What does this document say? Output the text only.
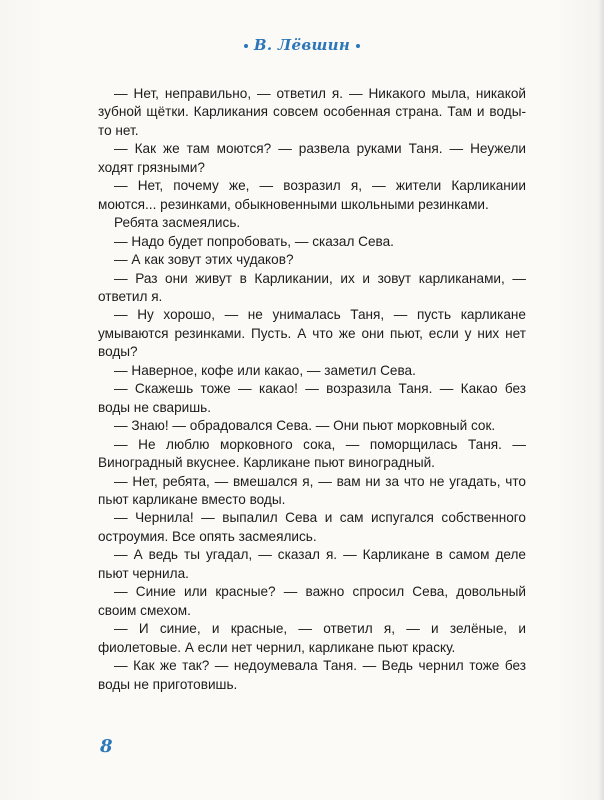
В. Лёвшин

— Нет, неправильно, — ответил я. — Никакого мыла, никакой зубной щётки. Карликания совсем особенная страна. Там и воды-то нет.

— Как же там моются? — развела руками Таня. — Неужели ходят грязными?

— Нет, почему же, — возразил я, — жители Карликании моются... резинками, обыкновенными школьными резинками.

Ребята засмеялись.

— Надо будет попробовать, — сказал Сева.

— А как зовут этих чудаков?

— Раз они живут в Карликании, их и зовут карликанами, — ответил я.

— Ну хорошо, — не унималась Таня, — пусть карликане умываются резинками. Пусть. А что же они пьют, если у них нет воды?

— Наверное, кофе или какао, — заметил Сева.

— Скажешь тоже — какао! — возразила Таня. — Какао без воды не сваришь.

— Знаю! — обрадовался Сева. — Они пьют морковный сок.

— Не люблю морковного сока, — поморщилась Таня. — Виноградный вкуснее. Карликане пьют виноградный.

— Нет, ребята, — вмешался я, — вам ни за что не угадать, что пьют карликане вместо воды.

— Чернила! — выпалил Сева и сам испугался собственного остроумия. Все опять засмеялись.

— А ведь ты угадал, — сказал я. — Карликане в самом деле пьют чернила.

— Синие или красные? — важно спросил Сева, довольный своим смехом.

— И синие, и красные, — ответил я, — и зелёные, и фиолетовые. А если нет чернил, карликане пьют краску.

— Как же так? — недоумевала Таня. — Ведь чернил тоже без воды не приготовишь.

8
